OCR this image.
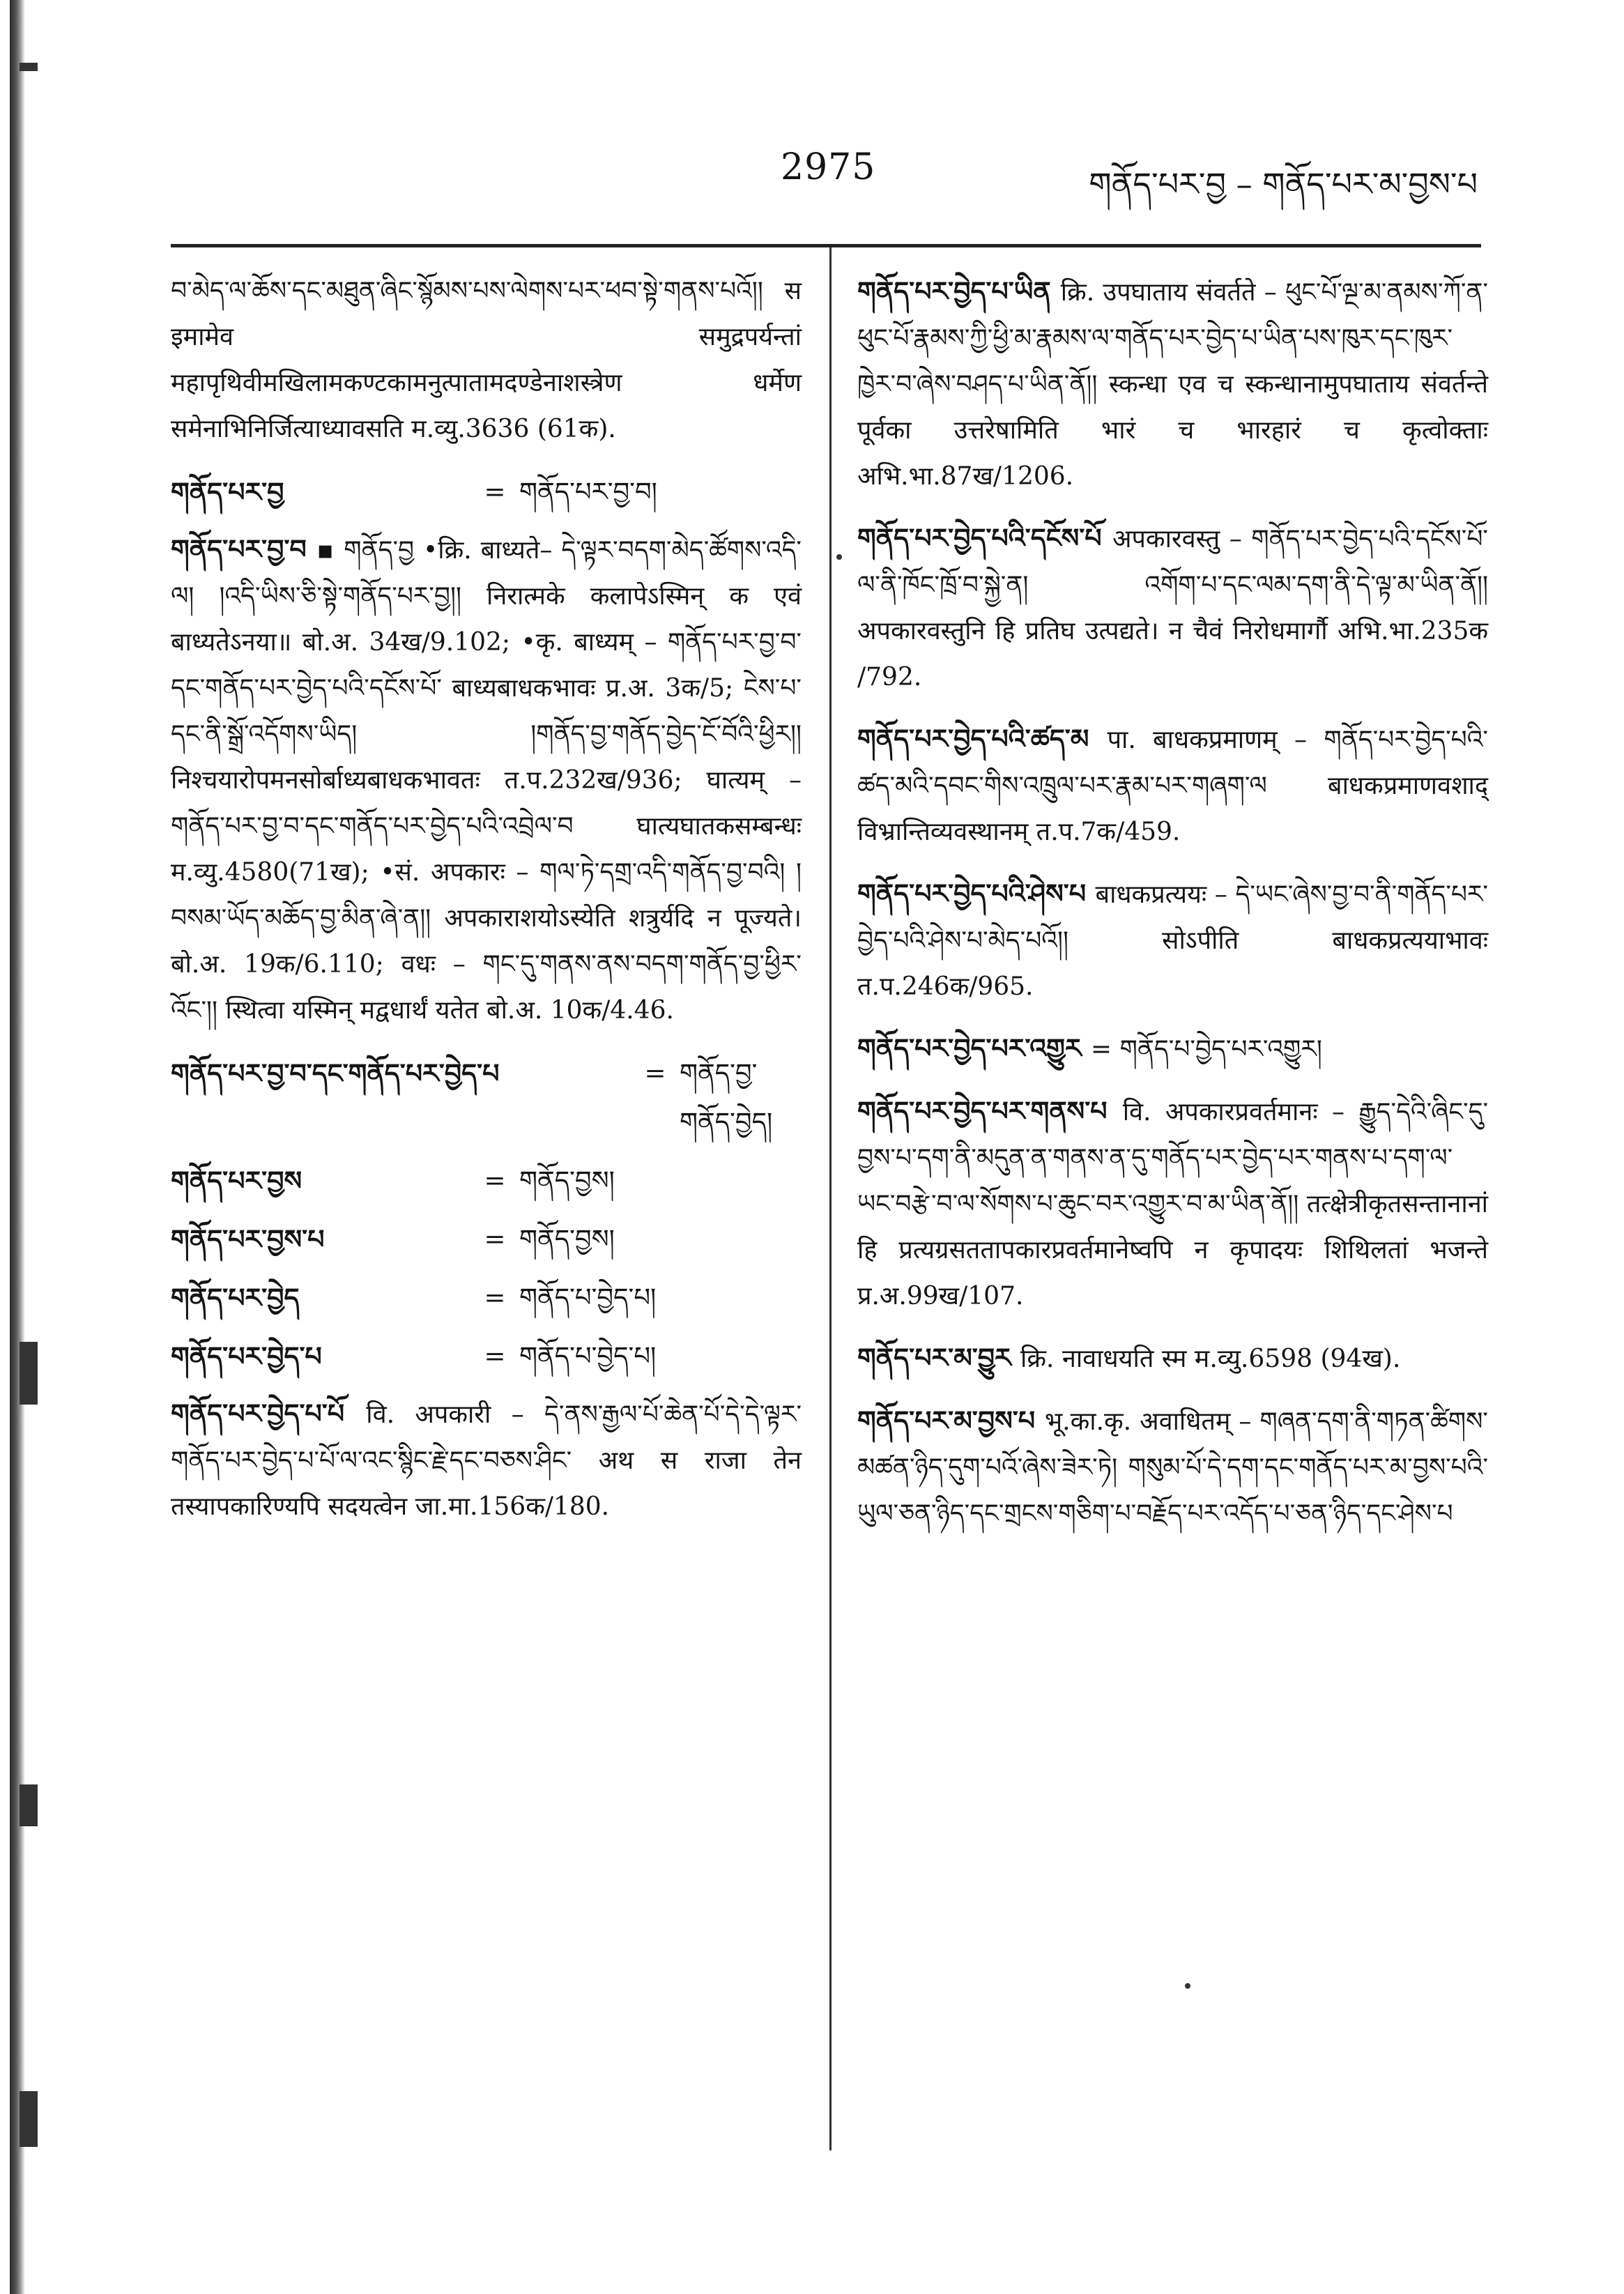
2975	གནོད་པར་བྱ – གནོད་པར་མ་བྱས་པ
བ་མེད་ལ་ཆོས་དང་མཐུན་ཞིང་སྙོམས་པས་ལེགས་པར་ཕབ་སྟེ་གནས་པའོ།། स इमामेव समुद्रपर्यन्तां महापृथिवीमखिलामकण्टकामनुत्पातामदण्डेनाशस्त्रेण धर्मेण समेनाभिनिर्जित्याध्यावसति म.व्यु.3636 (61क).
གནོད་པར་བྱ	= གནོད་པར་བྱ་བ།
གནོད་པར་བྱ་བ ▪ གནོད་བྱ •क्रि. बाध्यते– དེ་ལྟར་བདག་མེད་ཚོགས་འདི་ལ། །འདི་ཡིས་ཅི་སྟེ་གནོད་པར་བྱ།། निरात्मके कलापेऽस्मिन् क एवं बाध्यतेऽनया॥ बो.अ. 34ख/9.102; •कृ. बाध्यम् – གནོད་པར་བྱ་བ་དང་གནོད་པར་བྱེད་པའི་དངོས་པོ་ बाध्यबाधकभावः प्र.अ. 3क/5; ངེས་པ་དང་ནི་སྒྲོ་འདོགས་ཡིད། །གནོད་བྱ་གནོད་བྱེད་ངོ་བོའི་ཕྱིར།། निश्चयारोपमनसोर्बाध्यबाधकभावतः त.प.232ख/936; घात्यम् – གནོད་པར་བྱ་བ་དང་གནོད་པར་བྱེད་པའི་འབྲེལ་བ घात्यघातकसम्बन्धः म.व्यु.4580(71ख); •सं. अपकारः – གལ་ཏེ་དགྲ་འདི་གནོད་བྱ་བའི། །བསམ་ཡོད་མཆོད་བྱ་མིན་ཞེ་ན།། अपकाराशयोऽस्येति शत्रुर्यदि न पूज्यते। बो.अ. 19क/6.110; वधः – གང་དུ་གནས་ནས་བདག་གནོད་བྱ་ཕྱིར་འོང་།། स्थित्वा यस्मिन् मद्वधार्थं यतेत बो.अ. 10क/4.46.
གནོད་པར་བྱ་བ་དང་གནོད་པར་བྱེད་པ	= གནོད་བྱ་གནོད་བྱེད།
གནོད་པར་བྱས	= གནོད་བྱས།
གནོད་པར་བྱས་པ	= གནོད་བྱས།
གནོད་པར་བྱེད	= གནོད་པ་བྱེད་པ།
གནོད་པར་བྱེད་པ	= གནོད་པ་བྱེད་པ།
གནོད་པར་བྱེད་པ་པོ वि. अपकारी – དེ་ནས་རྒྱལ་པོ་ཆེན་པོ་དེ་དེ་ལྟར་གནོད་པར་བྱེད་པ་པོ་ལ་འང་སྙིང་རྗེ་དང་བཅས་ཤིང་ अथ स राजा तेन तस्यापकारिण्यपि सदयत्वेन जा.मा.156क/180.
གནོད་པར་བྱེད་པ་ཡིན क्रि. उपघाताय संवर्तते – ཕུང་པོ་ལྔ་མ་ནམས་ཀོ་ན་ཕུང་པོ་རྣམས་ཀྱི་ཕྱི་མ་རྣམས་ལ་གནོད་པར་བྱེད་པ་ཡིན་པས་ཁུར་དང་ཁུར་ཁྱེར་བ་ཞེས་བཤད་པ་ཡིན་ནོ།། स्कन्धा एव च स्कन्धानामुपघाताय संवर्तन्ते पूर्वका उत्तरेषामिति भारं च भारहारं च कृत्वोक्ताः अभि.भा.87ख/1206.
གནོད་པར་བྱེད་པའི་དངོས་པོ अपकारवस्तु – གནོད་པར་བྱེད་པའི་དངོས་པོ་ལ་ནི་ཁོང་ཁྲོ་བ་སྐྱེ་ན། འགོག་པ་དང་ལམ་དག་ནི་དེ་ལྟ་མ་ཡིན་ནོ།། अपकारवस्तुनि हि प्रतिघ उत्पद्यते। न चैवं निरोधमार्गौ अभि.भा.235क /792.
གནོད་པར་བྱེད་པའི་ཚད་མ पा. बाधकप्रमाणम् – གནོད་པར་བྱེད་པའི་ཚད་མའི་དབང་གིས་འཁྲུལ་པར་རྣམ་པར་གཞག་ལ बाधकप्रमाणवशाद् विभ्रान्तिव्यवस्थानम् त.प.7क/459.
གནོད་པར་བྱེད་པའི་ཤེས་པ बाधकप्रत्ययः – དེ་ཡང་ཞེས་བྱ་བ་ནི་གནོད་པར་བྱེད་པའི་ཤེས་པ་མེད་པའོ།། सोऽपीति बाधकप्रत्ययाभावः त.प.246क/965.
གནོད་པར་བྱེད་པར་འགྱུར = གནོད་པ་བྱེད་པར་འགྱུར།
གནོད་པར་བྱེད་པར་གནས་པ वि. अपकारप्रवर्तमानः – རྒྱུད་དེའི་ཞིང་དུ་བྱས་པ་དག་ནི་མདུན་ན་གནས་ན་དུ་གནོད་པར་བྱེད་པར་གནས་པ་དག་ལ་ཡང་བརྩེ་བ་ལ་སོགས་པ་ཆུང་བར་འགྱུར་བ་མ་ཡིན་ནོ།། तत्क्षेत्रीकृतसन्तानानां हि प्रत्यग्रसततापकारप्रवर्तमानेष्वपि न कृपादयः शिथिलतां भजन्ते प्र.अ.99ख/107.
གནོད་པར་མ་བྱུར क्रि. नावाधयति स्म म.व्यु.6598 (94ख).
གནོད་པར་མ་བྱས་པ भू.का.कृ. अवाधितम् – གཞན་དག་ནི་གཏན་ཚིགས་མཚན་ཉིད་དུག་པའོ་ཞེས་ཟེར་ཏེ། གསུམ་པོ་དེ་དག་དང་གནོད་པར་མ་བྱས་པའི་ཡུལ་ཅན་ཉིད་དང་གྲངས་གཅིག་པ་བརྗོད་པར་འདོད་པ་ཅན་ཉིད་དང་ཤེས་པ
